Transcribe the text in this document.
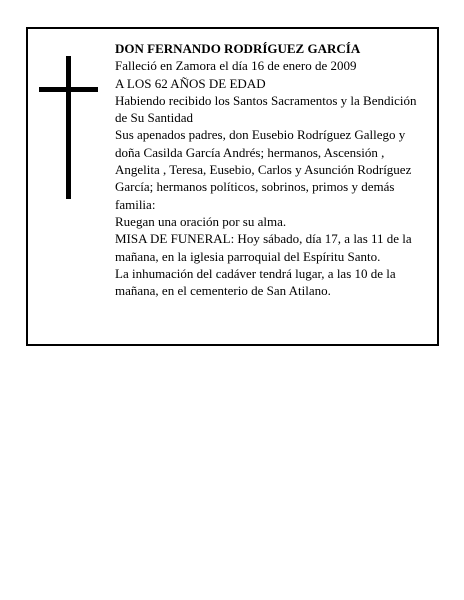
DON FERNANDO RODRÍGUEZ GARCÍA

Falleció en Zamora el día 16 de enero de 2009

A LOS 62 AÑOS DE EDAD

Habiendo recibido los Santos Sacramentos y la Bendición de Su Santidad

Sus apenados padres, don Eusebio Rodríguez Gallego y doña Casilda García Andrés; hermanos, Ascensión , Angelita , Teresa, Eusebio, Carlos y Asunción Rodríguez García; hermanos políticos, sobrinos, primos y demás familia:

Ruegan una oración por su alma.

MISA DE FUNERAL: Hoy sábado, día 17, a las 11 de la mañana, en la iglesia parroquial del Espíritu Santo.

La inhumación del cadáver tendrá lugar, a las 10 de la mañana, en el cementerio de San Atilano.
